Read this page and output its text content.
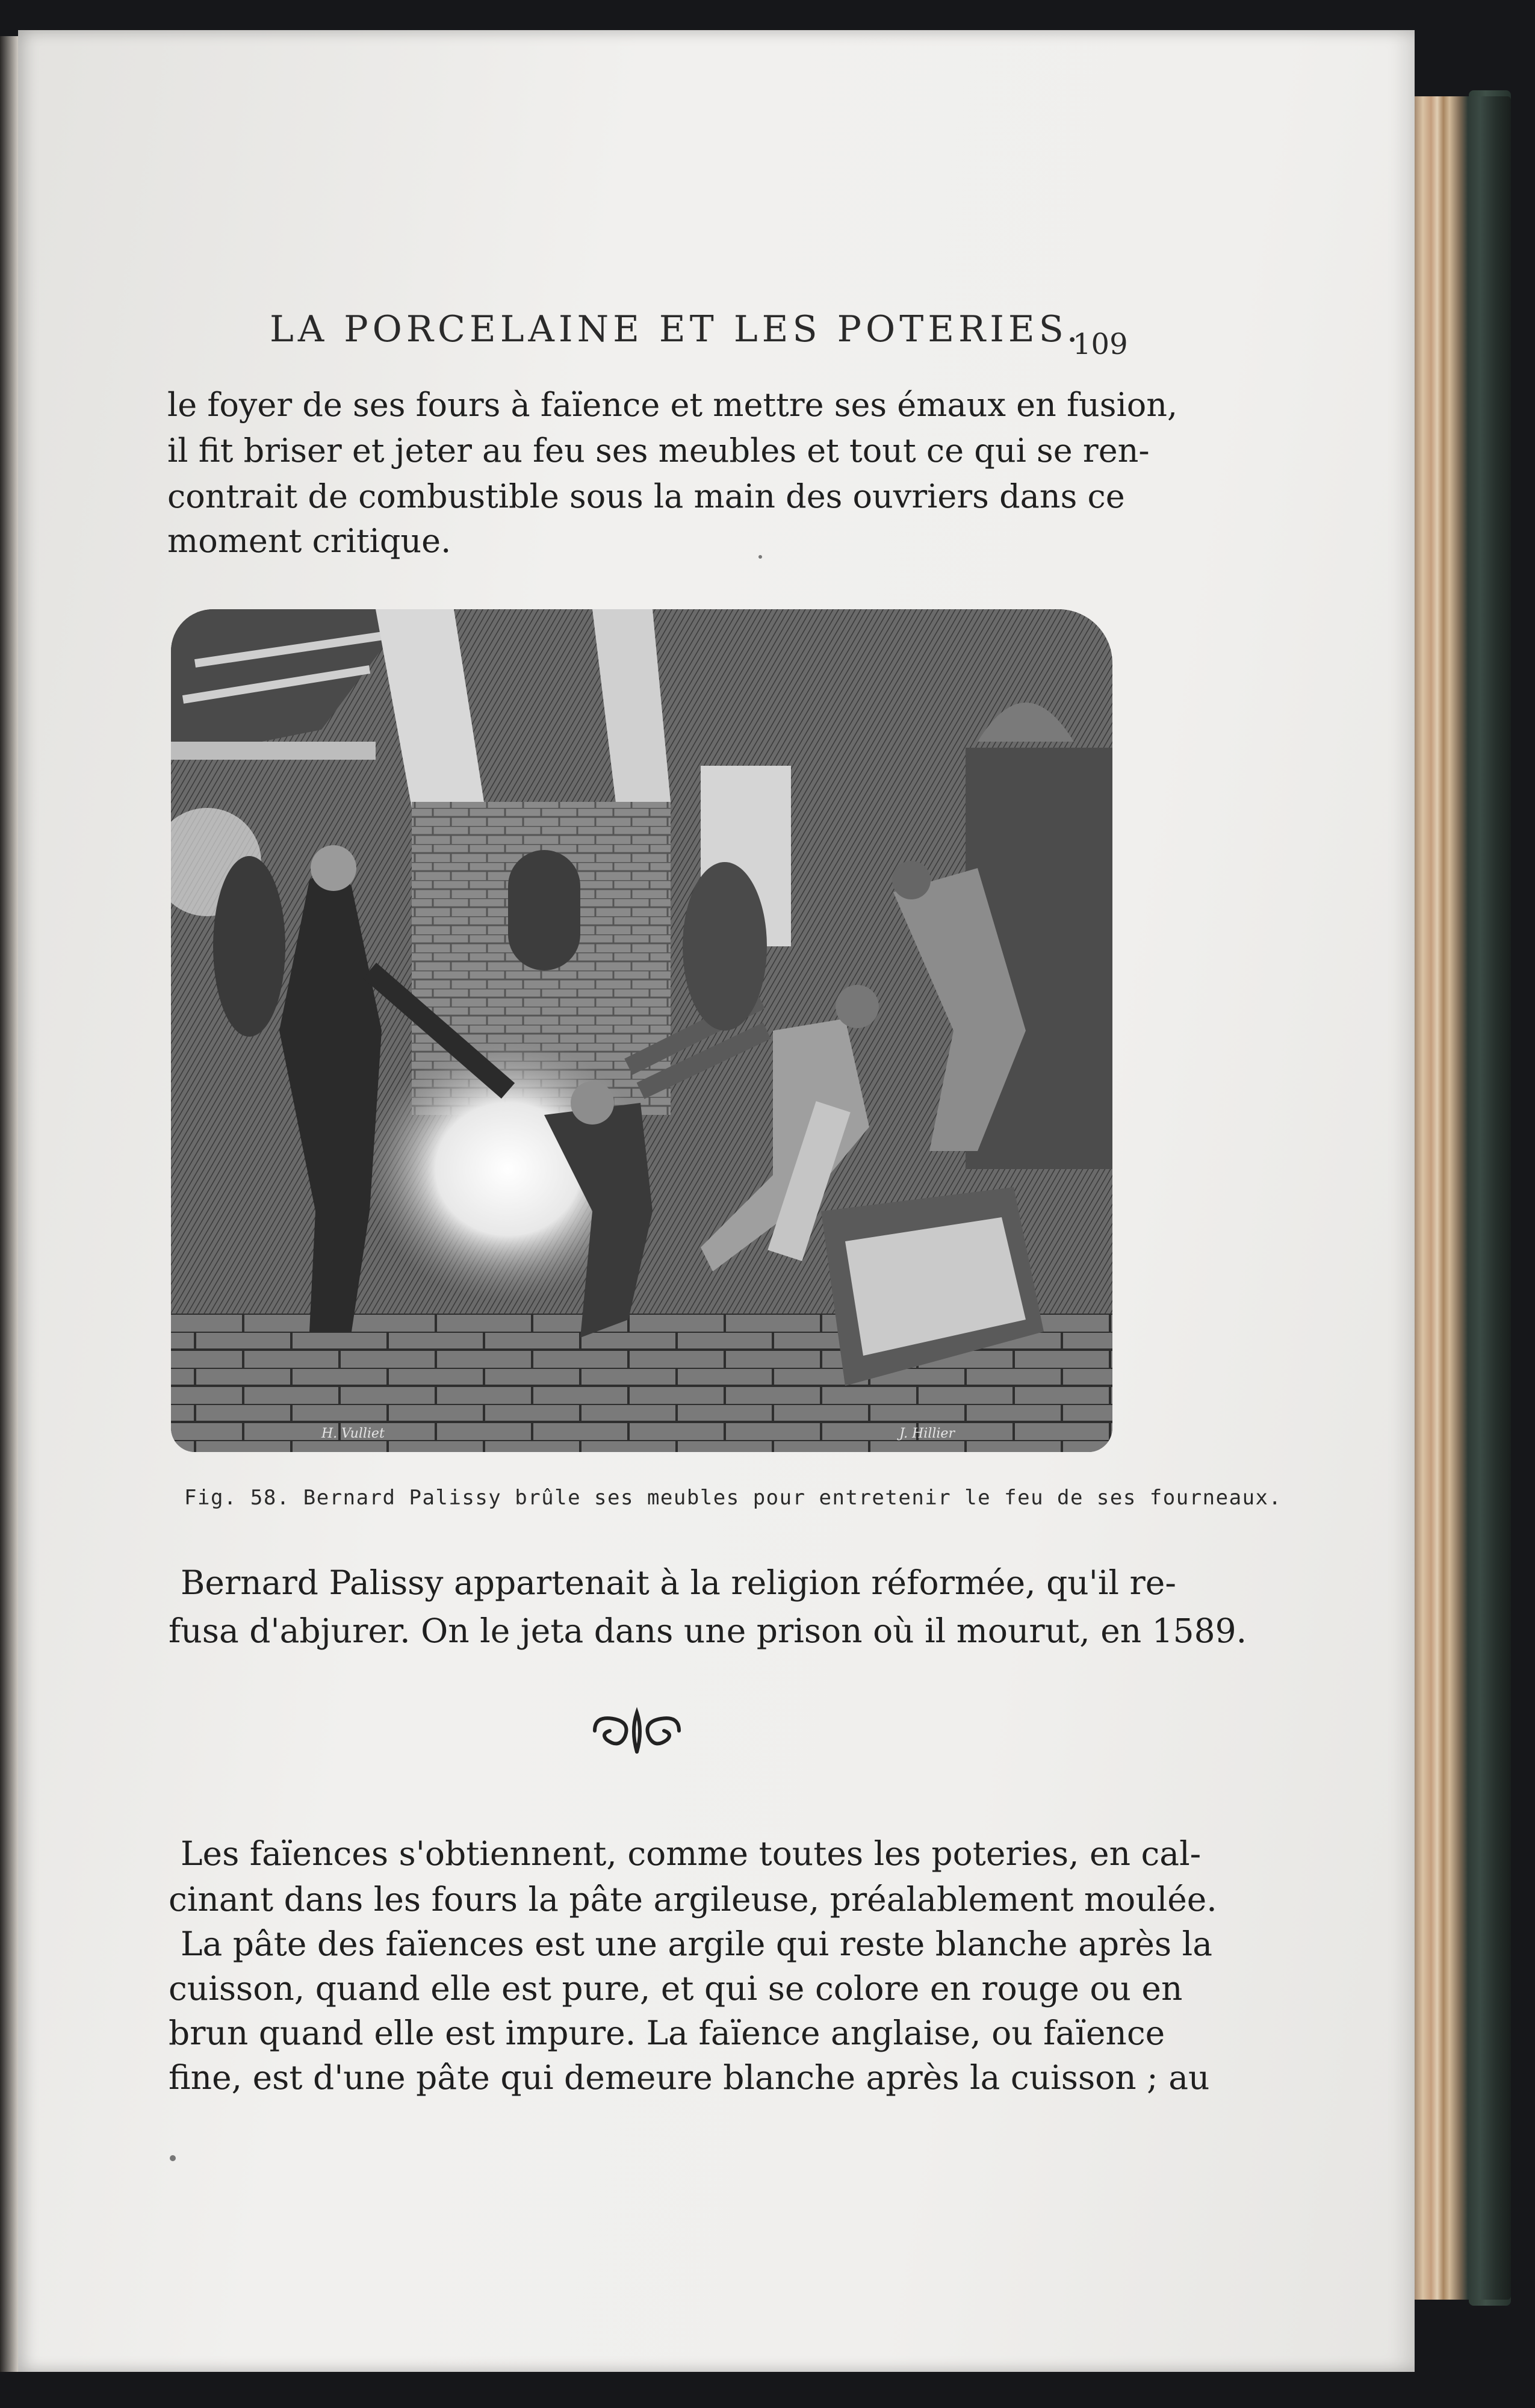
LA PORCELAINE ET LES POTERIES.
109
le foyer de ses fours à faïence et mettre ses émaux en fusion,
il fit briser et jeter au feu ses meubles et tout ce qui se ren-
contrait de combustible sous la main des ouvriers dans ce
moment critique.
H. Vulliet	J. Hillier
Fig. 58. Bernard Palissy brûle ses meubles pour entretenir le feu de ses fourneaux.
Bernard Palissy appartenait à la religion réformée, qu'il re-
fusa d'abjurer. On le jeta dans une prison où il mourut, en 1589.
Les faïences s'obtiennent, comme toutes les poteries, en cal-
cinant dans les fours la pâte argileuse, préalablement moulée.
La pâte des faïences est une argile qui reste blanche après la
cuisson, quand elle est pure, et qui se colore en rouge ou en
brun quand elle est impure. La faïence anglaise, ou faïence
fine, est d'une pâte qui demeure blanche après la cuisson ; au
